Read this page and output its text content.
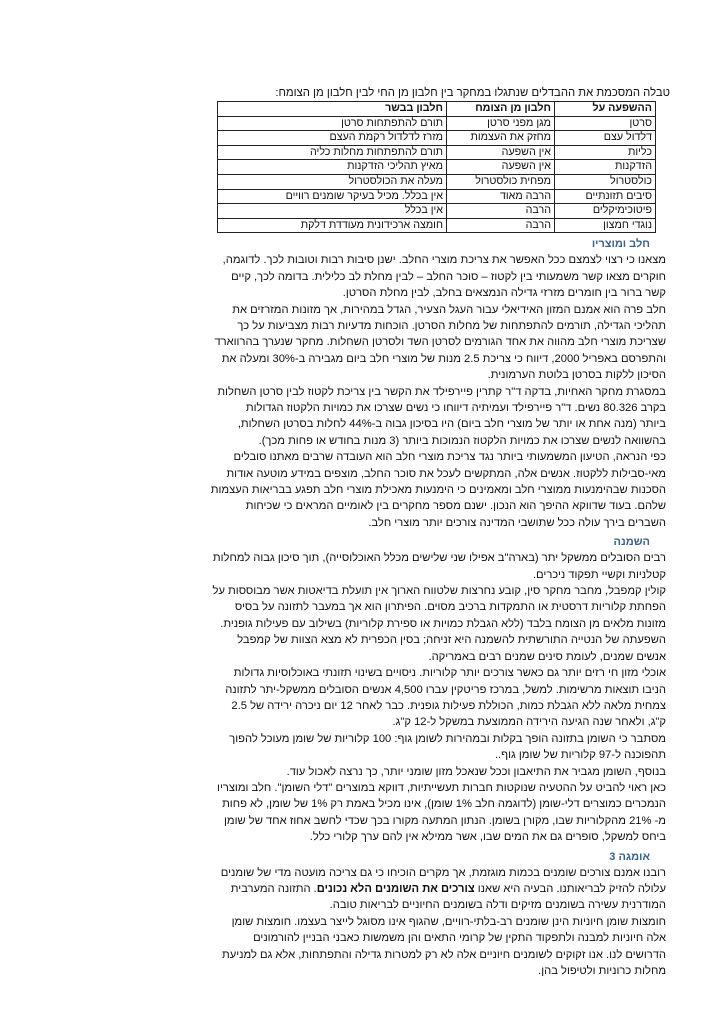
טבלה המסכמת את ההבדלים שנתגלו במחקר בין חלבון מן החי לבין חלבון מן הצומח:
ההשפעה על	חלבון מן הצומח	חלבון בבשר
סרטן	מגן מפני סרטן	תורם להתפתחות סרטן
דלדול עצם	מחזק את העצמות	מזרז לדלדול רקמת העצם
כליות	אין השפעה	תורם להתפתחות מחלות כליה
הזדקנות	אין השפעה	מאיץ תהליכי הזדקנות
כולסטרול	מפחית כולסטרול	מעלה את הכולסטרול
סיבים תזונתיים	הרבה מאוד	אין בכלל. מכיל בעיקר שומנים רוויים
פיטוכימיקלים	הרבה	אין בכלל
נוגדי חמצון	הרבה	חומצה ארכידונית מעודדת דלקת
חלב ומוצריו

מצאנו כי רצוי לצמצם ככל האפשר את צריכת מוצרי החלב. ישנן סיבות רבות וטובות לכך. לדוגמה,

חוקרים מצאו קשר משמעותי בין לקטוז – סוכר החלב – לבין מחלת לב כלילית. בדומה לכך, קיים

קשר ברור בין חומרים מזרזי גדילה הנמצאים בחלב, לבין מחלת הסרטן.

חלב פרה הוא אמנם המזון האידיאלי עבור העגל הצעיר, הגדל במהירות, אך מזונות המזרזים את

תהליכי הגדילה, תורמים להתפתחות של מחלות הסרטן. הוכחות מדעיות רבות מצביעות על כך

שצריכת מוצרי חלב מהווה את אחד הגורמים לסרטן השד ולסרטן השחלות. מחקר שנערך בהרווארד

והתפרסם באפריל 2000, דיווח כי צריכת 2.5 מנות של מוצרי חלב ביום מגבירה ב-30% ומעלה את

הסיכון ללקות בסרטן בלוטת הערמונית.

במסגרת מחקר האחיות, בדקה ד"ר קתרין פיירפילד את הקשר בין צריכת לקטוז לבין סרטן השחלות

בקרב 80.326 נשים. ד"ר פיירפילד ועמיתיה דיווחו כי נשים שצרכו את כמויות הלקטוז הגדולות

ביותר (מנה אחת או יותר של מוצרי חלב ביום) היו בסיכון גבוה ב-44% לחלות בסרטן השחלות,

בהשוואה לנשים שצרכו את כמויות הלקטוז הנמוכות ביותר (3 מנות בחודש או פחות מכך).

כפי הנראה, הטיעון המשמעותי ביותר נגד צריכת מוצרי חלב הוא העובדה שרבים מאתנו סובלים

מאי-סבילות ללקטוז. אנשים אלה, המתקשים לעכל את סוכר החלב, מוצפים במידע מוטעה אודות

הסכנות שבהימנעות ממוצרי חלב ומאמינים כי הימנעות מאכילת מוצרי חלב תפגע בבריאות העצמות

שלהם. בעוד שדווקא ההיפך הוא הנכון. ישנם מספר מחקרים בין לאומיים המראים כי שכיחות

השברים בירך עולה ככל שתושבי המדינה צורכים יותר מוצרי חלב.

השמנה

רבים הסובלים ממשקל יתר (בארה"ב אפילו שני שלישים מכלל האוכלוסייה), תוך סיכון גבוה למחלות

קטלניות וקשיי תפקוד ניכרים.

קולין קמפבל, מחבר מחקר סין, קובע נחרצות שלטווח הארוך אין תועלת בדיאטות אשר מבוססות על

הפחתת קלוריות דרסטית או התמקדות ברכיב מסוים. הפיתרון הוא אך במעבר לתזונה על בסיס

מזונות מלאים מן הצומח בלבד (ללא הגבלת כמויות או ספירת קלוריות) בשילוב עם פעילות גופנית.

השפעתה של הנטייה התורשתית להשמנה היא זניחה; בסין הכפרית לא מצא הצוות של קמפבל

אנשים שמנים, לעומת סינים שמנים רבים באמריקה.

אוכלי מזון חי רזים יותר גם כאשר צורכים יותר קלוריות. ניסויים בשינוי תזונתי באוכלוסיות גדולות

הניבו תוצאות מרשימות. למשל, במרכז פריטקין עברו 4,500 אנשים הסובלים ממשקל-יתר לתזונה

צמחית מלאה ללא הגבלת כמות, הכוללת פעילות גופנית. כבר לאחר 12 יום ניכרה ירידה של 2.5

ק"ג, ולאחר שנה הגיעה הירידה הממוצעת במשקל ל-12 ק"ג.

מסתבר כי השומן בתזונה הופך בקלות ובמהירות לשומן גוף: 100 קלוריות של שומן מעוכל להפוך

תהפוכנה ל-97 קלוריות של שומן גוף..

בנוסף, השומן מגביר את התיאבון וככל שנאכל מזון שומני יותר, כך נרצה לאכול עוד.

כאן ראוי להביט על ההטעיה שנוקטות חברות תעשייתיות, דווקא במוצרים "דלי השומן". חלב ומוצריו

הנמכרים כמוצרים דלי-שומן (לדוגמה חלב 1% שומן), אינו מכיל באמת רק 1% של שומן, לא פחות

מ- 21% מהקלוריות שבו, מקורן בשומן. הנתון המתעה מקורו בכך שכדי לחשב אחוז אחד של שומן

ביחס למשקל, סופרים גם את המים שבו, אשר ממילא אין להם ערך קלורי כלל.

אומגה 3

רובנו אמנם צורכים שומנים בכמות מוגזמת, אך מקרים הוכיחו כי גם צריכה מועטה מדי של שומנים

עלולה להזיק לבריאותנו. הבעיה היא שאנו צורכים את השומנים הלא נכונים. התזונה המערבית

המודרנית עשירה בשומנים מזיקים ודלה בשומנים החיוניים לבריאות טובה.

חומצות שומן חיוניות הינן שומנים רב-בלתי-רוויים, שהגוף אינו מסוגל לייצר בעצמו. חומצות שומן

אלה חיוניות למבנה ולתפקוד התקין של קרומי התאים והן משמשות כאבני הבניין להורמונים

הדרושים לנו. אנו זקוקים לשומנים חיוניים אלה לא רק למטרות גדילה והתפתחות, אלא גם למניעת

מחלות כרוניות ולטיפול בהן.
